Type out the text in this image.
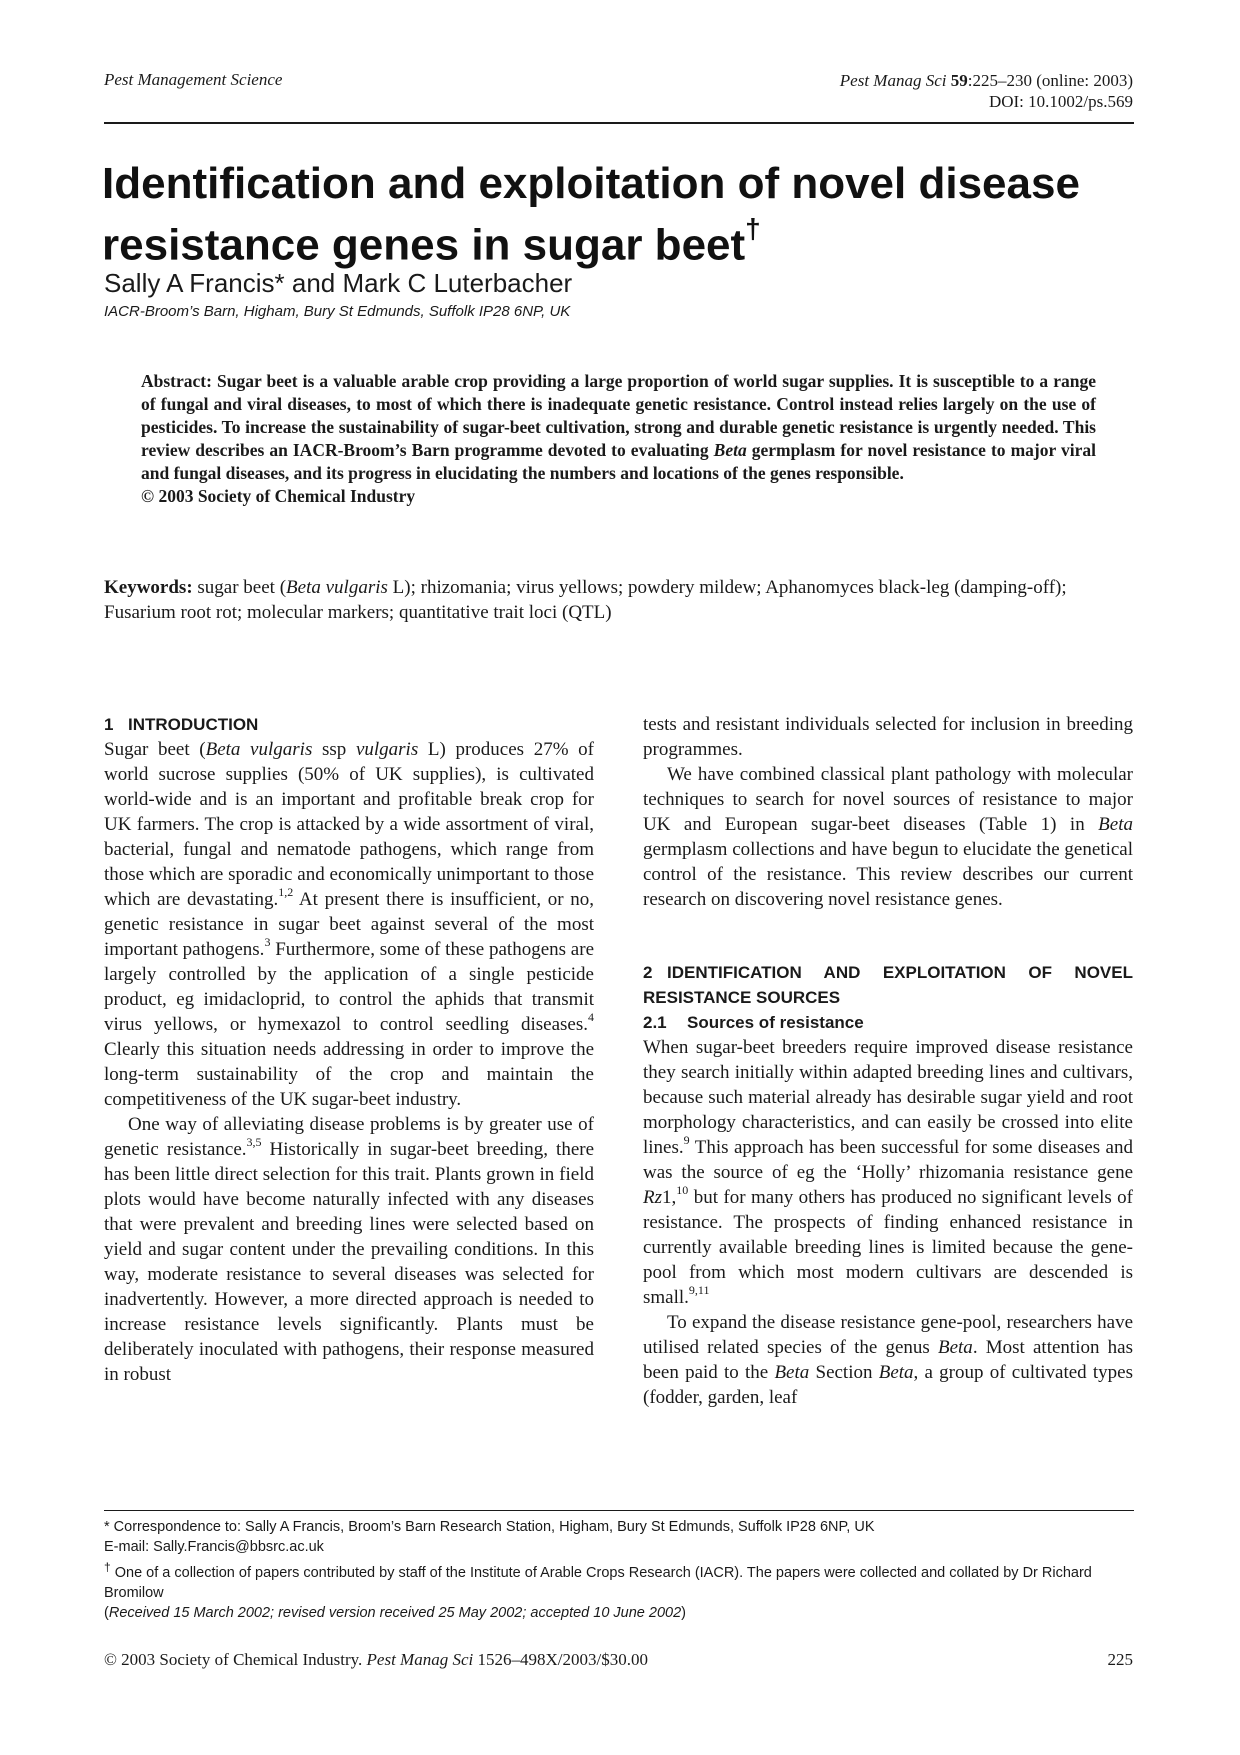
Pest Management Science	Pest Manag Sci 59:225–230 (online: 2003)
DOI: 10.1002/ps.569
Identification and exploitation of novel disease resistance genes in sugar beet†
Sally A Francis* and Mark C Luterbacher
IACR-Broom’s Barn, Higham, Bury St Edmunds, Suffolk IP28 6NP, UK
Abstract: Sugar beet is a valuable arable crop providing a large proportion of world sugar supplies. It is susceptible to a range of fungal and viral diseases, to most of which there is inadequate genetic resistance. Control instead relies largely on the use of pesticides. To increase the sustainability of sugar-beet cultivation, strong and durable genetic resistance is urgently needed. This review describes an IACR-Broom’s Barn programme devoted to evaluating Beta germplasm for novel resistance to major viral and fungal diseases, and its progress in elucidating the numbers and locations of the genes responsible.
© 2003 Society of Chemical Industry
Keywords: sugar beet (Beta vulgaris L); rhizomania; virus yellows; powdery mildew; Aphanomyces black-leg (damping-off); Fusarium root rot; molecular markers; quantitative trait loci (QTL)
1 INTRODUCTION

Sugar beet (Beta vulgaris ssp vulgaris L) produces 27% of world sucrose supplies (50% of UK supplies), is cultivated world-wide and is an important and profitable break crop for UK farmers. The crop is attacked by a wide assortment of viral, bacterial, fungal and nematode pathogens, which range from those which are sporadic and economically unimportant to those which are devastating.$^{1,2}$ At present there is insufficient, or no, genetic resistance in sugar beet against several of the most important pathogens.$^3$ Furthermore, some of these pathogens are largely controlled by the application of a single pesticide product, eg imidacloprid, to control the aphids that transmit virus yellows, or hymexazol to control seedling diseases.$^4$ Clearly this situation needs addressing in order to improve the long-term sustainability of the crop and maintain the competitiveness of the UK sugar-beet industry.

One way of alleviating disease problems is by greater use of genetic resistance.$^{3,5}$ Historically in sugar-beet breeding, there has been little direct selection for this trait. Plants grown in field plots would have become naturally infected with any diseases that were prevalent and breeding lines were selected based on yield and sugar content under the prevailing conditions. In this way, moderate resistance to several diseases was selected for inadvertently. However, a more directed approach is needed to increase resistance levels significantly. Plants must be deliberately inoculated with pathogens, their response measured in robust

tests and resistant individuals selected for inclusion in breeding programmes.

We have combined classical plant pathology with molecular techniques to search for novel sources of resistance to major UK and European sugar-beet diseases (Table 1) in Beta germplasm collections and have begun to elucidate the genetical control of the resistance. This review describes our current research on discovering novel resistance genes.

2 IDENTIFICATION AND EXPLOITATION OF NOVEL RESISTANCE SOURCES
2.1 Sources of resistance

When sugar-beet breeders require improved disease resistance they search initially within adapted breeding lines and cultivars, because such material already has desirable sugar yield and root morphology characteristics, and can easily be crossed into elite lines.$^9$ This approach has been successful for some diseases and was the source of eg the ‘Holly’ rhizomania resistance gene Rz1,10 but for many others has produced no significant levels of resistance. The prospects of finding enhanced resistance in currently available breeding lines is limited because the gene-pool from which most modern cultivars are descended is small.$^{9,11}$

To expand the disease resistance gene-pool, researchers have utilised related species of the genus Beta. Most attention has been paid to the Beta Section Beta, a group of cultivated types (fodder, garden, leaf

* Correspondence to: Sally A Francis, Broom’s Barn Research Station, Higham, Bury St Edmunds, Suffolk IP28 6NP, UK
E-mail: Sally.Francis@bbsrc.ac.uk
† One of a collection of papers contributed by staff of the Institute of Arable Crops Research (IACR). The papers were collected and collated by Dr Richard Bromilow
(Received 15 March 2002; revised version received 25 May 2002; accepted 10 June 2002)
© 2003 Society of Chemical Industry. Pest Manag Sci 1526–498X/2003/$30.00	225
